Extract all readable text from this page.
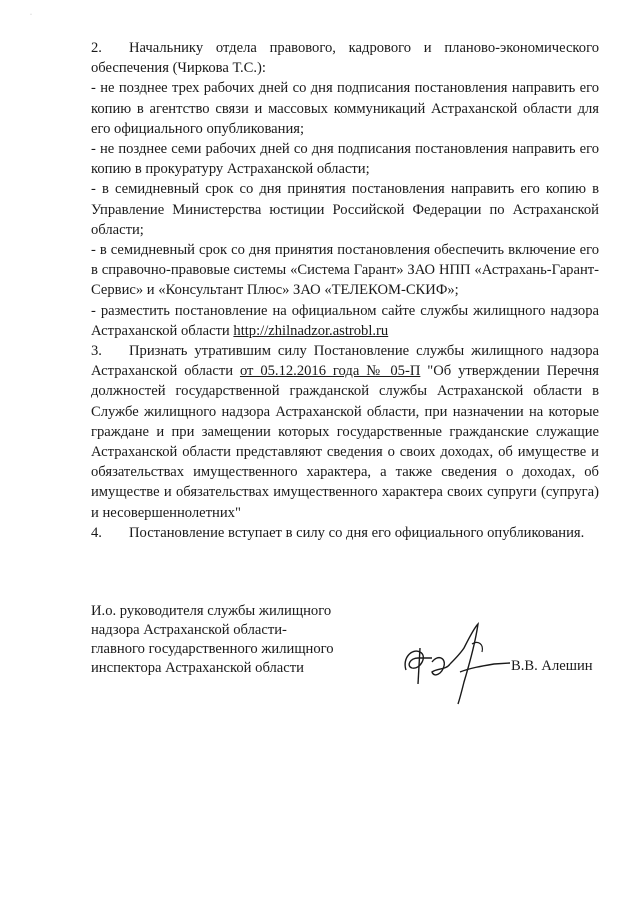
·

2. Начальнику отдела правового, кадрового и планово-экономического обеспечения (Чиркова Т.С.):

- не позднее трех рабочих дней со дня подписания постановления направить его копию в агентство связи и массовых коммуникаций Астраханской области для его официального опубликования;

- не позднее семи рабочих дней со дня подписания постановления направить его копию в прокуратуру Астраханской области;

- в семидневный срок со дня принятия постановления направить его копию в Управление Министерства юстиции Российской Федерации по Астраханской области;

- в семидневный срок со дня принятия постановления обеспечить включение его в справочно-правовые системы «Система Гарант» ЗАО НПП «Астрахань-Гарант-Сервис» и «Консультант Плюс» ЗАО «ТЕЛЕКОМ-СКИФ»;

- разместить постановление на официальном сайте службы жилищного надзора Астраханской области http://zhilnadzor.astrobl.ru

3. Признать утратившим силу Постановление службы жилищного надзора Астраханской области от 05.12.2016 года № 05-П "Об утверждении Перечня должностей государственной гражданской службы Астраханской области в Службе жилищного надзора Астраханской области, при назначении на которые граждане и при замещении которых государственные гражданские служащие Астраханской области представляют сведения о своих доходах, об имуществе и обязательствах имущественного характера, а также сведения о доходах, об имуществе и обязательствах имущественного характера своих супруги (супруга) и несовершеннолетних"

4. Постановление вступает в силу со дня его официального опубликования.

И.о. руководителя службы жилищного
надзора Астраханской области-
главного государственного жилищного
инспектора Астраханской области	В.В. Алешин
